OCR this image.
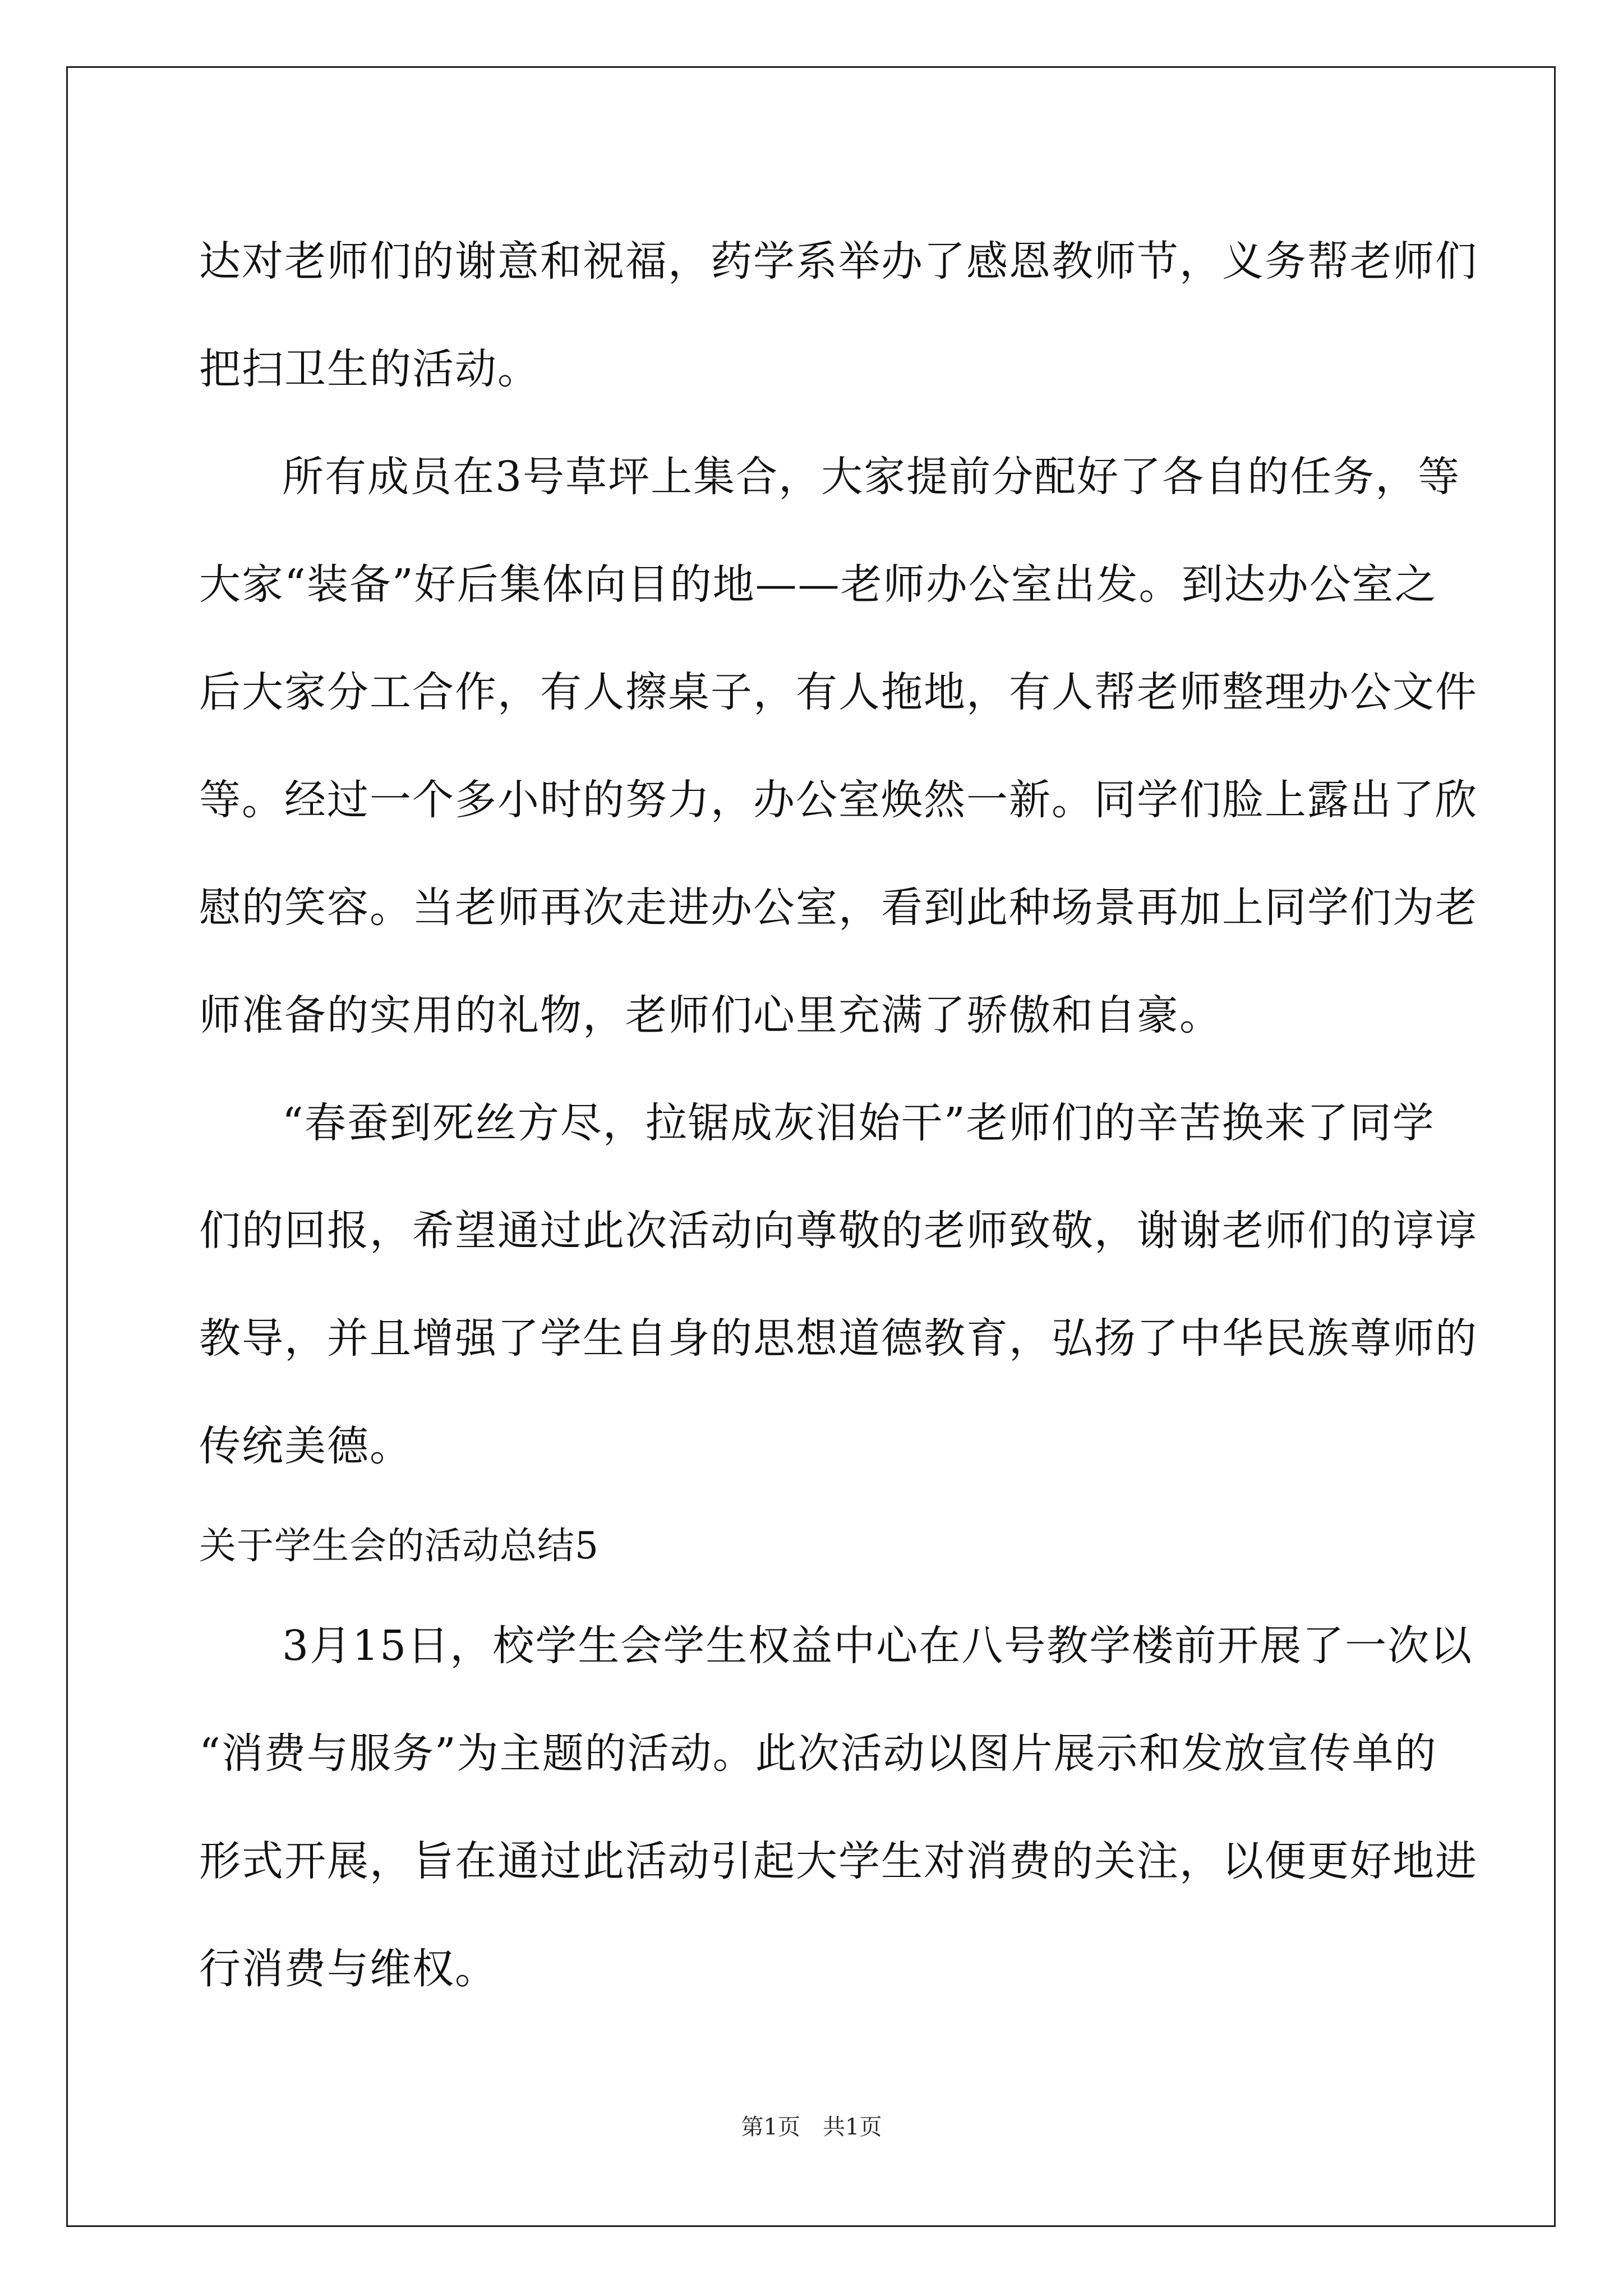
达对老师们的谢意和祝福，药学系举办了感恩教师节，义务帮老师们
把扫卫生的活动。
所有成员在3号草坪上集合，大家提前分配好了各自的任务，等
大家“装备”好后集体向目的地——老师办公室出发。到达办公室之
后大家分工合作，有人擦桌子，有人拖地，有人帮老师整理办公文件
等。经过一个多小时的努力，办公室焕然一新。同学们脸上露出了欣
慰的笑容。当老师再次走进办公室，看到此种场景再加上同学们为老
师准备的实用的礼物，老师们心里充满了骄傲和自豪。
“春蚕到死丝方尽，拉锯成灰泪始干”老师们的辛苦换来了同学
们的回报，希望通过此次活动向尊敬的老师致敬，谢谢老师们的谆谆
教导，并且增强了学生自身的思想道德教育，弘扬了中华民族尊师的
传统美德。
关于学生会的活动总结5
3月15日，校学生会学生权益中心在八号教学楼前开展了一次以
“消费与服务”为主题的活动。此次活动以图片展示和发放宣传单的
形式开展，旨在通过此活动引起大学生对消费的关注，以便更好地进
行消费与维权。
第1页　共1页
